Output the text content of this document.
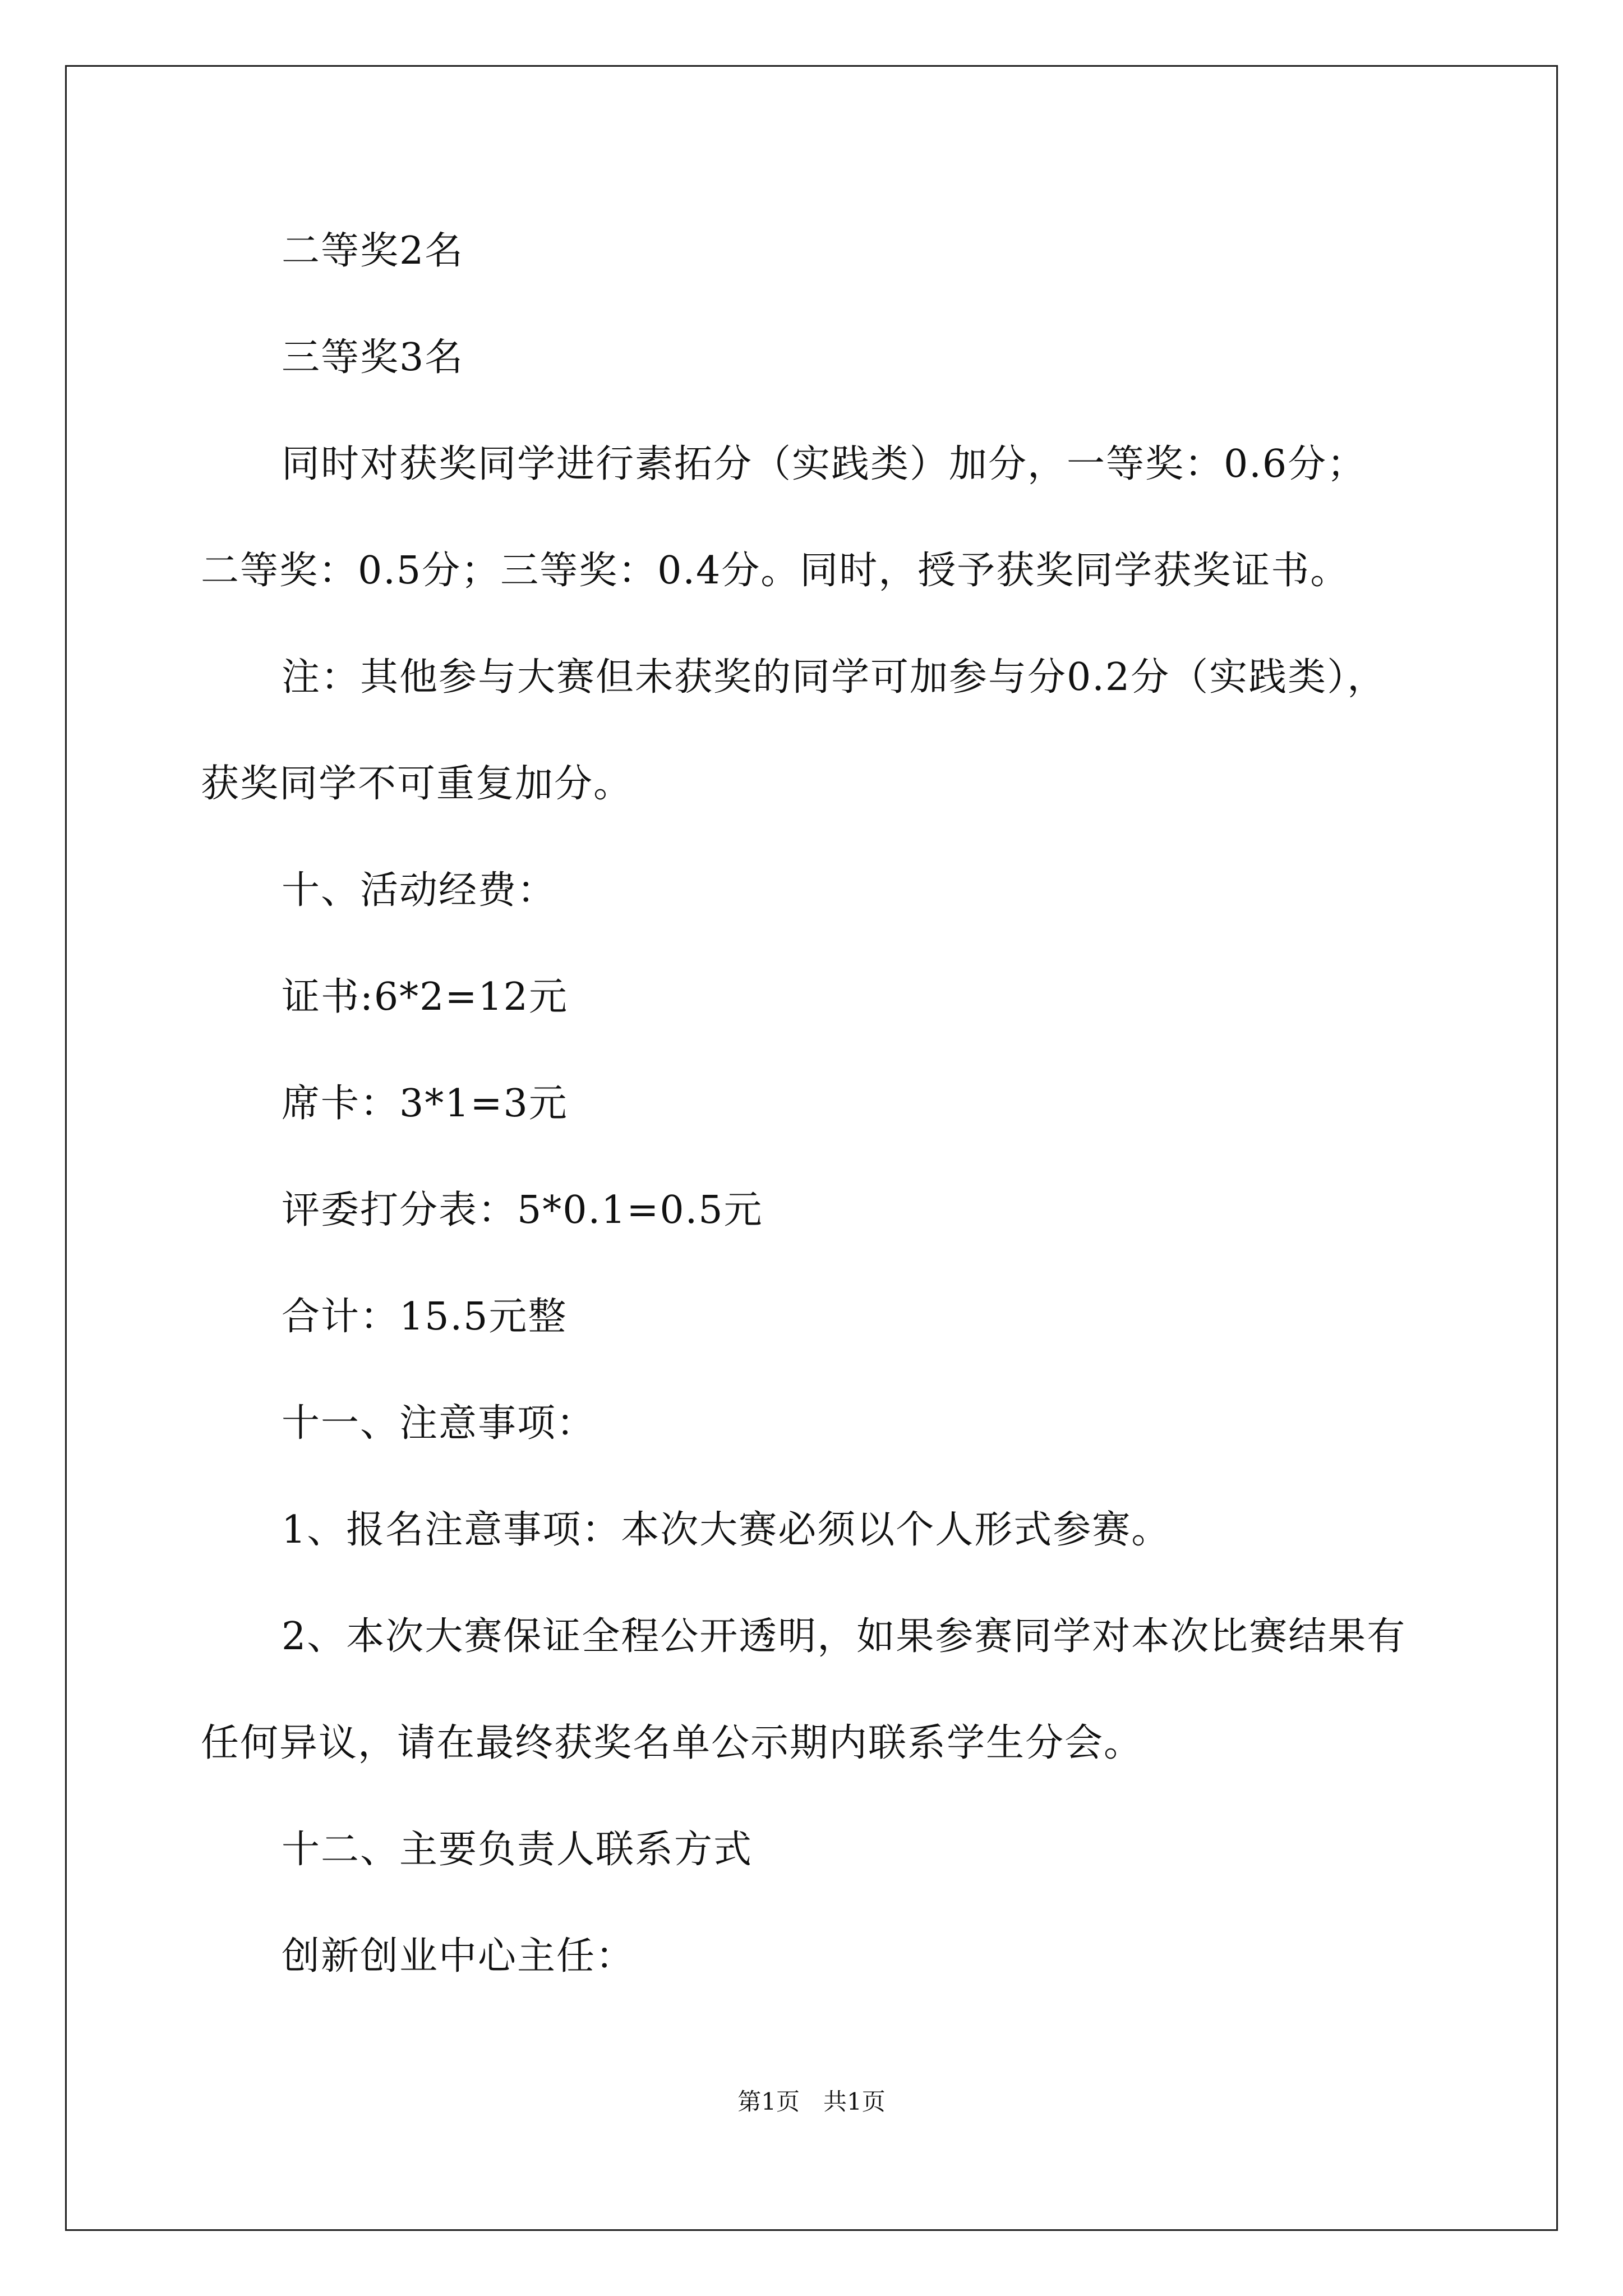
二等奖2名
三等奖3名
同时对获奖同学进行素拓分（实践类）加分，一等奖：0.6分；
二等奖：0.5分；三等奖：0.4分。同时，授予获奖同学获奖证书。
注：其他参与大赛但未获奖的同学可加参与分0.2分（实践类），
获奖同学不可重复加分。
十、活动经费：
证书:6*2=12元
席卡：3*1=3元
评委打分表：5*0.1=0.5元
合计：15.5元整
十一、注意事项：
1、报名注意事项：本次大赛必须以个人形式参赛。
2、本次大赛保证全程公开透明，如果参赛同学对本次比赛结果有
任何异议，请在最终获奖名单公示期内联系学生分会。
十二、主要负责人联系方式
创新创业中心主任：
第1页　共1页
